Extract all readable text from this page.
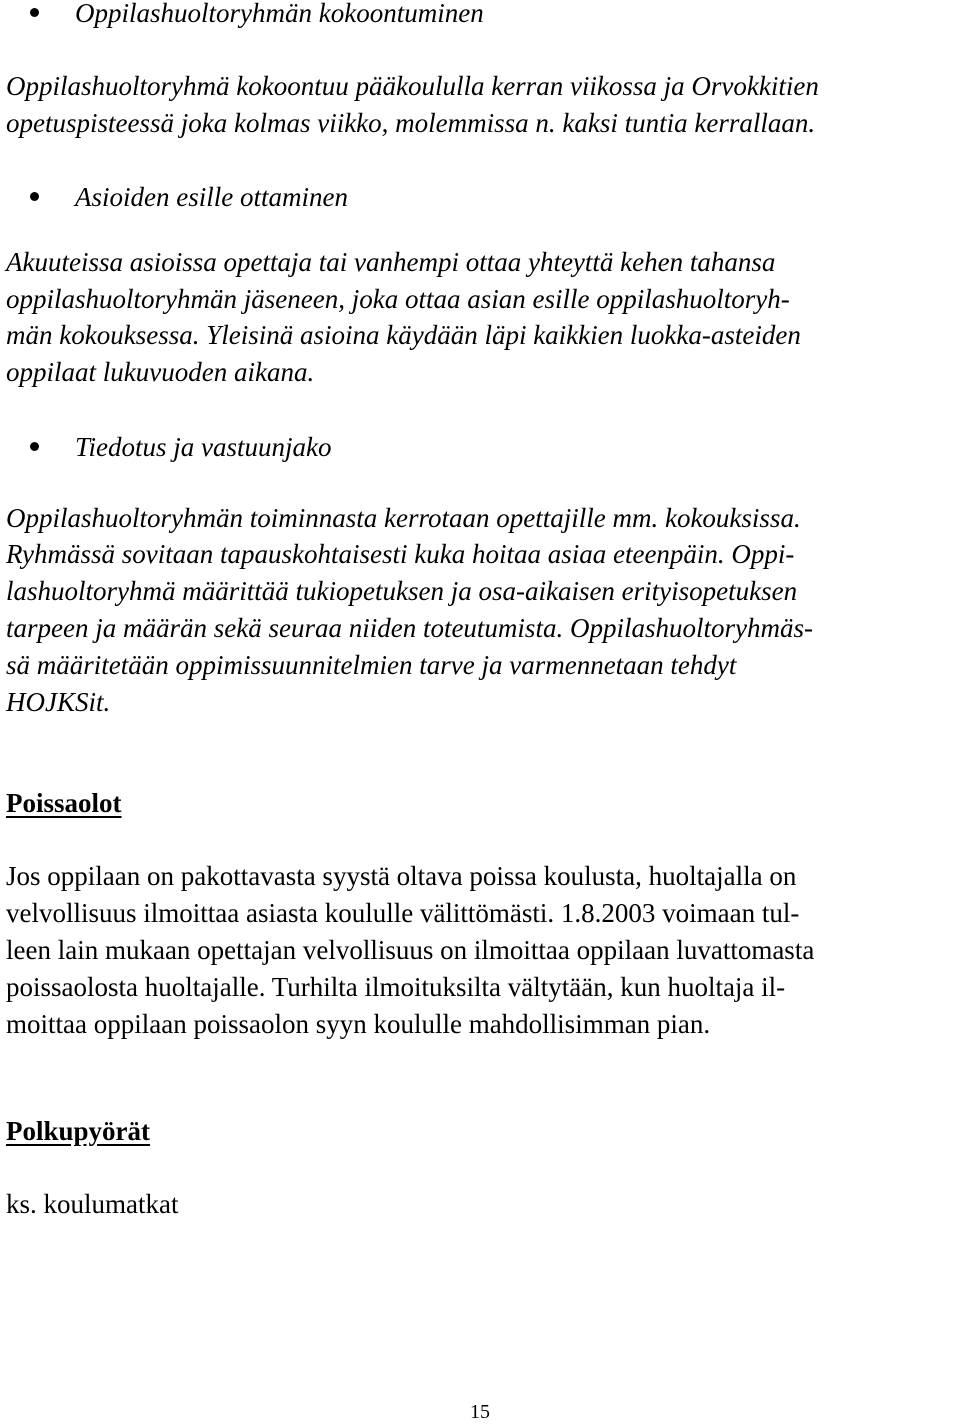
Oppilashuoltoryhmän kokoontuminen

Oppilashuoltoryhmä kokoontuu pääkoululla kerran viikossa ja Orvokkitien

opetuspisteessä joka kolmas viikko, molemmissa n. kaksi tuntia kerrallaan.

Asioiden esille ottaminen

Akuuteissa asioissa opettaja tai vanhempi ottaa yhteyttä kehen tahansa

oppilashuoltoryhmän jäseneen, joka ottaa asian esille oppilashuoltoryh-

män kokouksessa. Yleisinä asioina käydään läpi kaikkien luokka-asteiden

oppilaat lukuvuoden aikana.

Tiedotus ja vastuunjako

Oppilashuoltoryhmän toiminnasta kerrotaan opettajille mm. kokouksissa.

Ryhmässä sovitaan tapauskohtaisesti kuka hoitaa asiaa eteenpäin. Oppi-

lashuoltoryhmä määrittää tukiopetuksen ja osa-aikaisen erityisopetuksen

tarpeen ja määrän sekä seuraa niiden toteutumista. Oppilashuoltoryhmäs-

sä määritetään oppimissuunnitelmien tarve ja varmennetaan tehdyt

HOJKSit.

Poissaolot

Jos oppilaan on pakottavasta syystä oltava poissa koulusta, huoltajalla on

velvollisuus ilmoittaa asiasta koululle välittömästi. 1.8.2003 voimaan tul-

leen lain mukaan opettajan velvollisuus on ilmoittaa oppilaan luvattomasta

poissaolosta huoltajalle. Turhilta ilmoituksilta vältytään, kun huoltaja il-

moittaa oppilaan poissaolon syyn koululle mahdollisimman pian.

Polkupyörät

ks. koulumatkat

15
